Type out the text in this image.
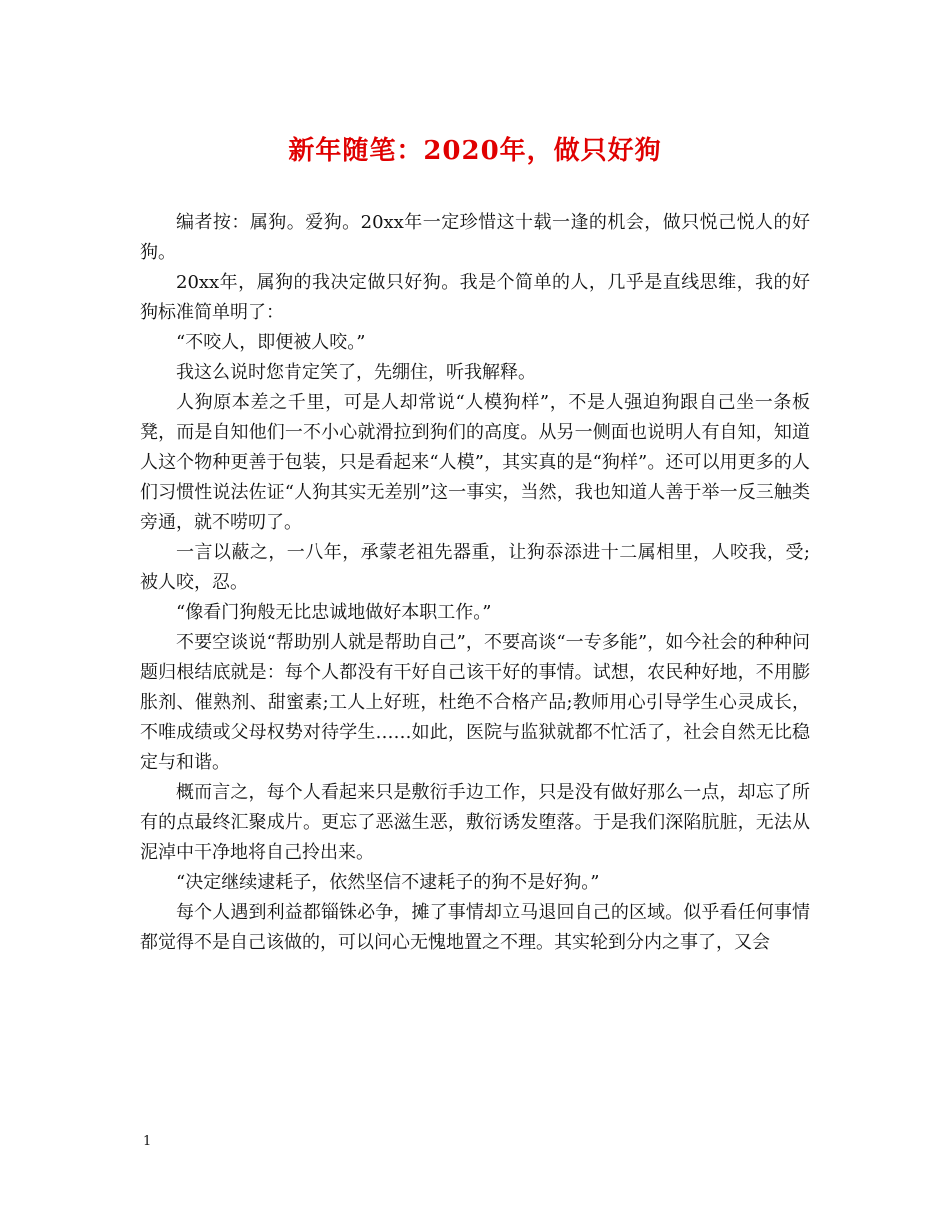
新年随笔：2020年，做只好狗

编者按：属狗。爱狗。20xx年一定珍惜这十载一逢的机会，做只悦己悦人的好狗。

20xx年，属狗的我决定做只好狗。我是个简单的人，几乎是直线思维，我的好狗标准简单明了：

“不咬人，即便被人咬。”

我这么说时您肯定笑了，先绷住，听我解释。

人狗原本差之千里，可是人却常说“人模狗样”，不是人强迫狗跟自己坐一条板凳，而是自知他们一不小心就滑拉到狗们的高度。从另一侧面也说明人有自知，知道人这个物种更善于包装，只是看起来“人模”，其实真的是“狗样”。还可以用更多的人们习惯性说法佐证“人狗其实无差别”这一事实，当然，我也知道人善于举一反三触类旁通，就不唠叨了。

一言以蔽之，一八年，承蒙老祖先器重，让狗忝添进十二属相里，人咬我，受;被人咬，忍。

“像看门狗般无比忠诚地做好本职工作。”

不要空谈说“帮助别人就是帮助自己”，不要高谈“一专多能”，如今社会的种种问题归根结底就是：每个人都没有干好自己该干好的事情。试想，农民种好地，不用膨胀剂、催熟剂、甜蜜素;工人上好班，杜绝不合格产品;教师用心引导学生心灵成长，不唯成绩或父母权势对待学生……如此，医院与监狱就都不忙活了，社会自然无比稳定与和谐。

概而言之，每个人看起来只是敷衍手边工作，只是没有做好那么一点，却忘了所有的点最终汇聚成片。更忘了恶滋生恶，敷衍诱发堕落。于是我们深陷肮脏，无法从泥淖中干净地将自己拎出来。

“决定继续逮耗子，依然坚信不逮耗子的狗不是好狗。”

每个人遇到利益都锱铢必争，摊了事情却立马退回自己的区域。似乎看任何事情都觉得不是自己该做的，可以问心无愧地置之不理。其实轮到分内之事了，又会

1
